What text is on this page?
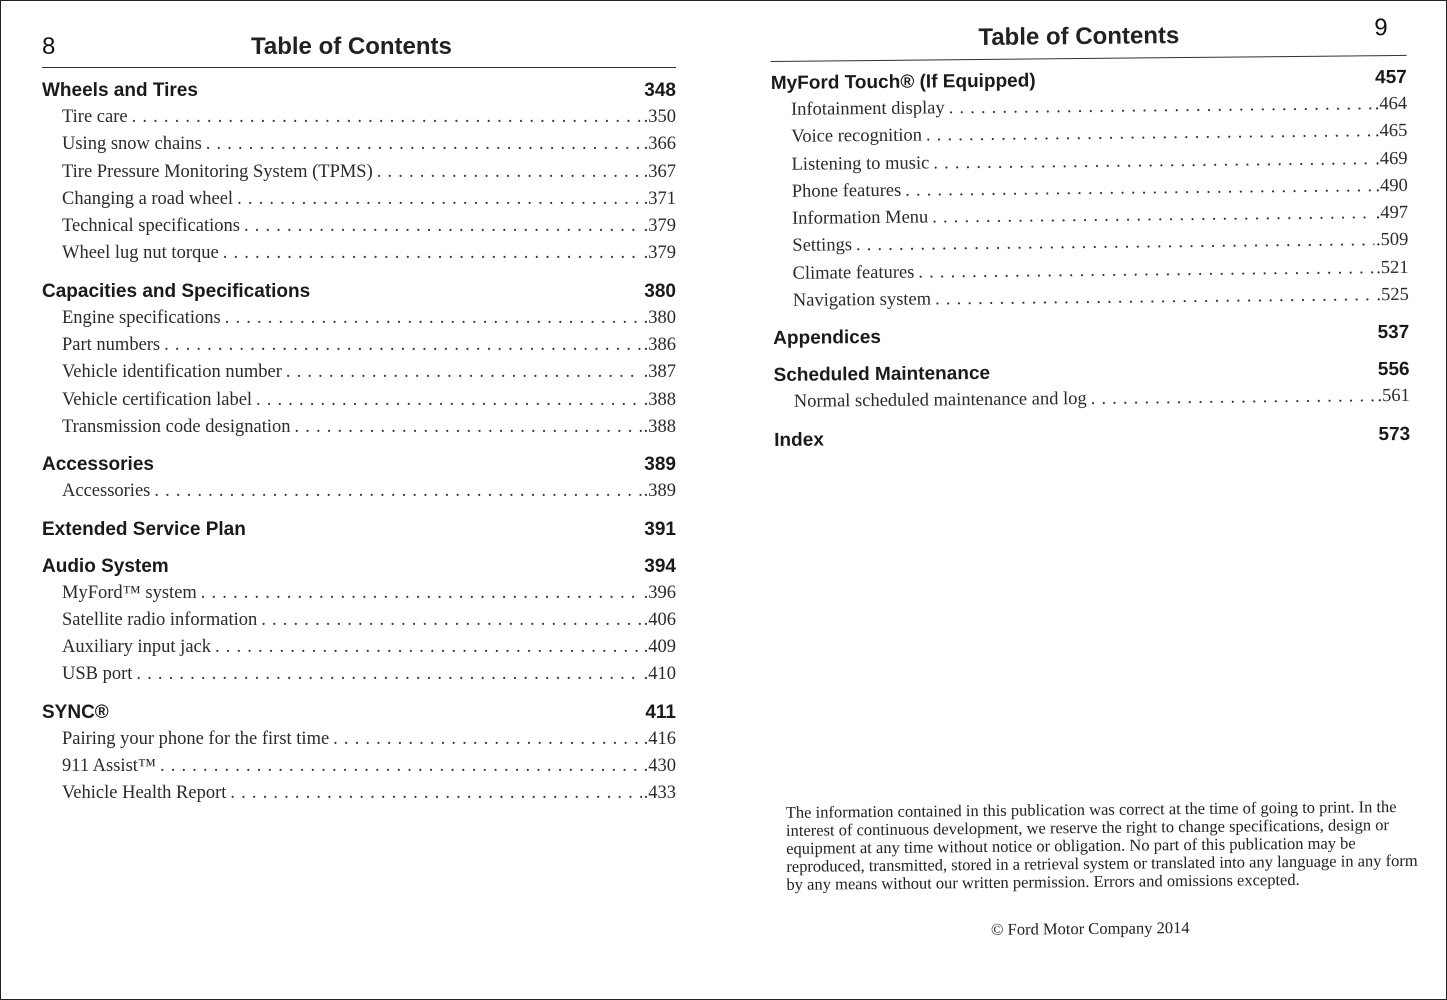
8	Table of Contents
Wheels and Tires	348
Tire care . . .	.350
Using snow chains . . .	.366
Tire Pressure Monitoring System (TPMS) . . .	.367
Changing a road wheel . . .	.371
Technical specifications . . .	.379
Wheel lug nut torque . . .	.379
Capacities and Specifications	380
Engine specifications . . .	.380
Part numbers . . .	.386
Vehicle identification number . . .	.387
Vehicle certification label . . .	.388
Transmission code designation . . .	.388
Accessories	389
Accessories . . .	.389
Extended Service Plan	391
Audio System	394
MyFord™ system . . .	.396
Satellite radio information . . .	.406
Auxiliary input jack . . .	.409
USB port . . .	.410
SYNC®	411
Pairing your phone for the first time . . .	.416
911 Assist™ . . .	.430
Vehicle Health Report . . .	.433
Table of Contents	9
MyFord Touch® (If Equipped)	457
Infotainment display . . .	.464
Voice recognition . . .	.465
Listening to music . . .	.469
Phone features . . .	.490
Information Menu . . .	.497
Settings . . .	.509
Climate features . . .	.521
Navigation system . . .	.525
Appendices	537
Scheduled Maintenance	556
Normal scheduled maintenance and log . . .	.561
Index	573
The information contained in this publication was correct at the time of going to print. In the interest of continuous development, we reserve the right to change specifications, design or equipment at any time without notice or obligation. No part of this publication may be reproduced, transmitted, stored in a retrieval system or translated into any language in any form by any means without our written permission. Errors and omissions excepted.
© Ford Motor Company 2014
